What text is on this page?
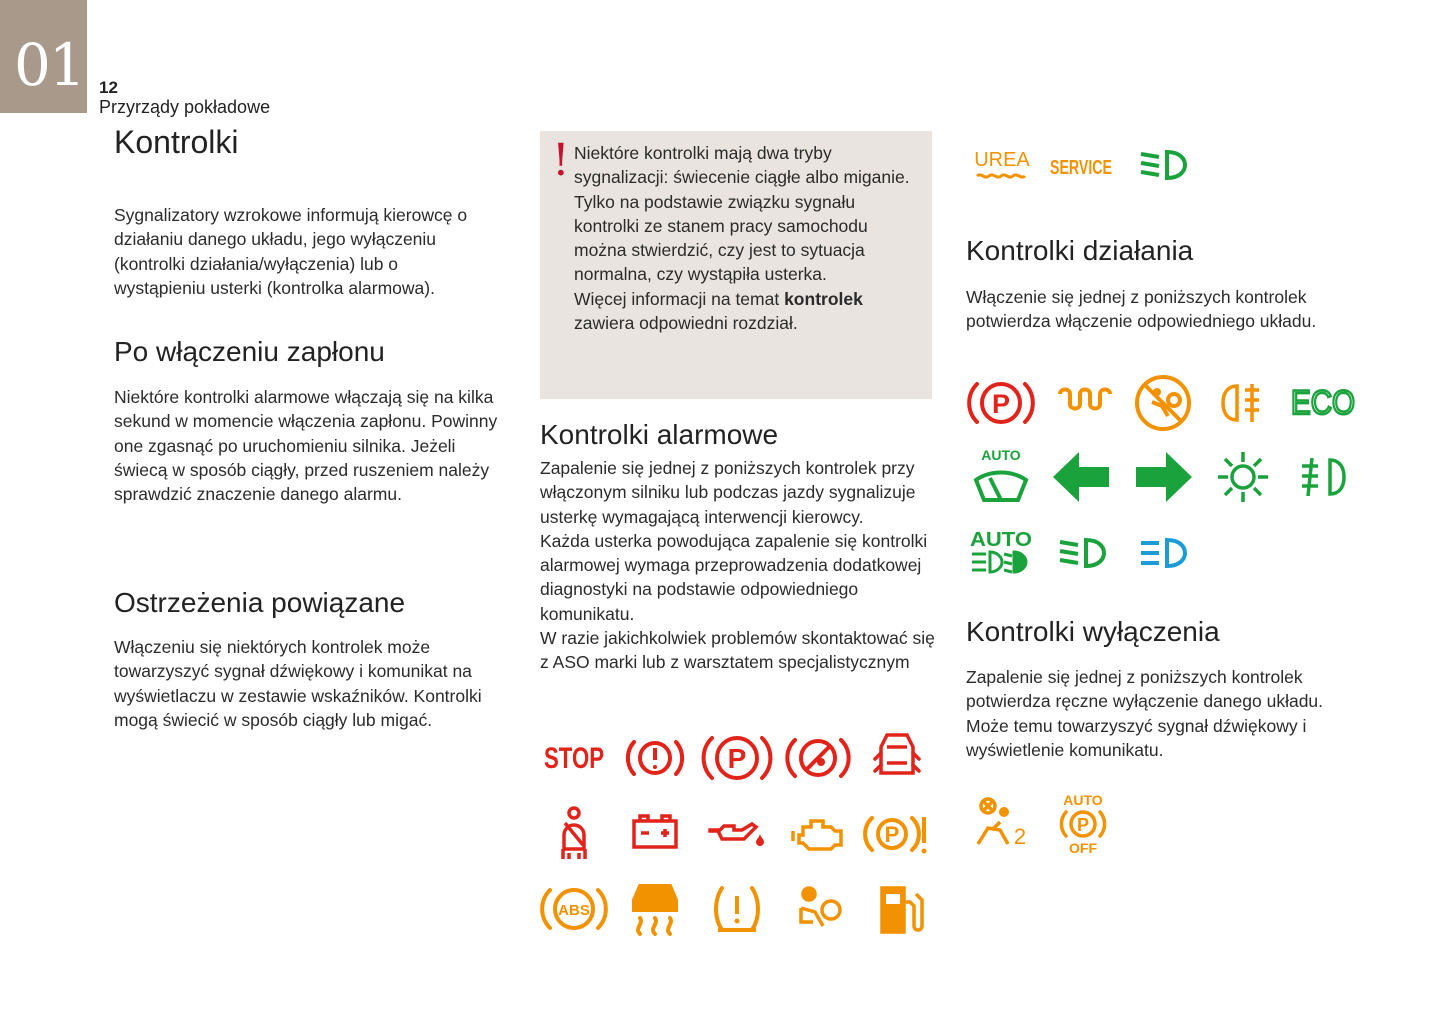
01 12
Przyrządy pokładowe
Kontrolki

Sygnalizatory wzrokowe informują kierowcę o działaniu danego układu, jego wyłączeniu (kontrolki działania/wyłączenia) lub o wystąpieniu usterki (kontrolka alarmowa).

Po włączeniu zapłonu

Niektóre kontrolki alarmowe włączają się na kilka sekund w momencie włączenia zapłonu. Powinny one zgasnąć po uruchomieniu silnika. Jeżeli świecą w sposób ciągły, przed ruszeniem należy sprawdzić znaczenie danego alarmu.

Ostrzeżenia powiązane

Włączeniu się niektórych kontrolek może towarzyszyć sygnał dźwiękowy i komunikat na wyświetlaczu w zestawie wskaźników. Kontrolki mogą świecić w sposób ciągły lub migać.

! Niektóre kontrolki mają dwa tryby sygnalizacji: świecenie ciągłe albo miganie.
Tylko na podstawie związku sygnału kontrolki ze stanem pracy samochodu można stwierdzić, czy jest to sytuacja normalna, czy wystąpiła usterka.
Więcej informacji na temat kontrolek zawiera odpowiedni rozdział.
Kontrolki alarmowe
Zapalenie się jednej z poniższych kontrolek przy włączonym silniku lub podczas jazdy sygnalizuje usterkę wymagającą interwencji kierowcy.
Każda usterka powodująca zapalenie się kontrolki alarmowej wymaga przeprowadzenia dodatkowej diagnostyki na podstawie odpowiedniego komunikatu.
W razie jakichkolwiek problemów skontaktować się z ASO marki lub z warsztatem specjalistycznym
STOP	P
P
ABS
UREA SERVICE
Kontrolki działania

Włączenie się jednej z poniższych kontrolek potwierdza włączenie odpowiedniego układu.

P	ECO
AUTO
AUTO
Kontrolki wyłączenia

Zapalenie się jednej z poniższych kontrolek potwierdza ręczne wyłączenie danego układu. Może temu towarzyszyć sygnał dźwiękowy i wyświetlenie komunikatu.

2
AUTO
P
OFF
